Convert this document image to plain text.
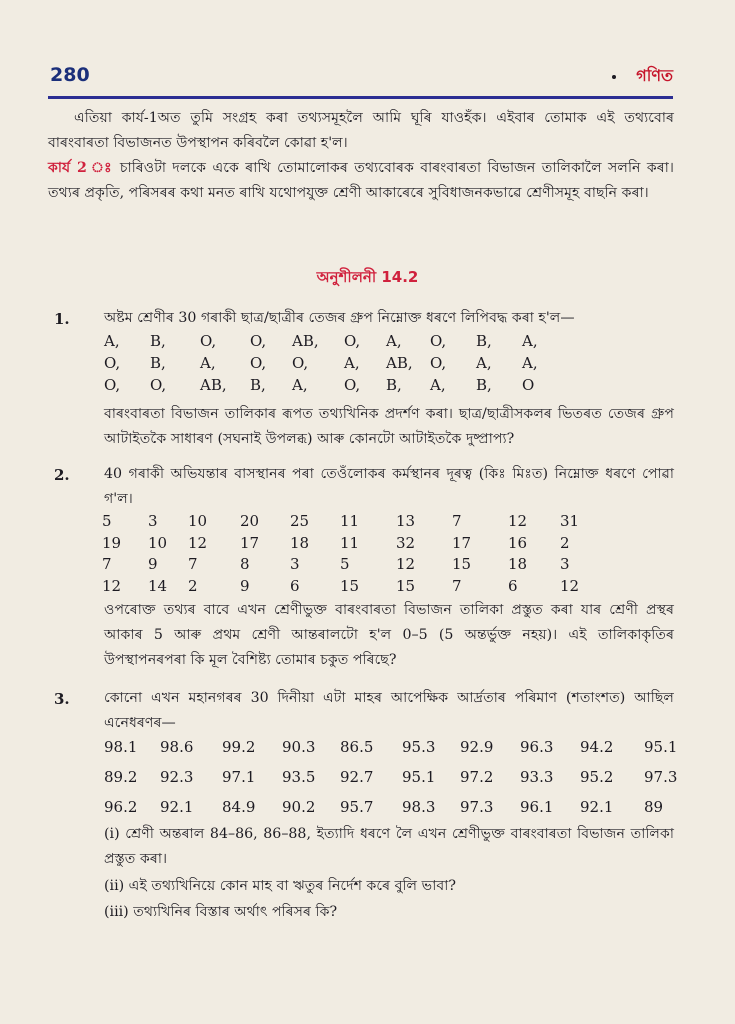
280	গণিত
এতিয়া কাৰ্য-1অত তুমি সংগ্ৰহ কৰা তথ্যসমূহলৈ আমি ঘূৰি যাওহঁক। এইবাৰ তোমাক এই তথ্যবোৰ বাৰংবাৰতা বিভাজনত উপস্থাপন কৰিবলৈ কোৱা হ'ল।
কাৰ্য 2 ঃ চাৰিওটা দলকে একে ৰাখি তোমালোকৰ তথ্যবোৰক বাৰংবাৰতা বিভাজন তালিকালৈ সলনি কৰা। তথ্যৰ প্ৰকৃতি, পৰিসৰৰ কথা মনত ৰাখি যথোপযুক্ত শ্ৰেণী আকাৰেৰে সুবিধাজনকভাৱে শ্ৰেণীসমূহ বাছনি কৰা।
অনুশীলনী 14.2
1. অষ্টম শ্ৰেণীৰ 30 গৰাকী ছাত্ৰ/ছাত্ৰীৰ তেজৰ গ্ৰুপ নিম্নোক্ত ধৰণে লিপিবদ্ধ কৰা হ'ল—
A, B, O, O, AB, O, A, O, B, A,
O, B, A, O, O, A, AB, O, A, A,
O, O, AB, B, A, O, B, A, B, O
বাৰংবাৰতা বিভাজন তালিকাৰ ৰূপত তথ্যখিনিক প্ৰদৰ্শণ কৰা। ছাত্ৰ/ছাত্ৰীসকলৰ ভিতৰত তেজৰ গ্ৰুপ আটাইতকৈ সাধাৰণ (সঘনাই উপলব্ধ) আৰু কোনটো আটাইতকৈ দুষ্প্ৰাপ্য?
2. 40 গৰাকী অভিযন্তাৰ বাসস্থানৰ পৰা তেওঁলোকৰ কৰ্মস্থানৰ দূৰত্ব (কিঃ মিঃত) নিম্নোক্ত ধৰণে পোৱা গ'ল।
5 3 10 20 25 11 13 7	12 31
19 10 12 17 18 11 32 17 16 2
7 9 7	8	3	5	12 15 18 3
12 14 2	9	6	15 15 7	6	12
ওপৰোক্ত তথ্যৰ বাবে এখন শ্ৰেণীভুক্ত বাৰংবাৰতা বিভাজন তালিকা প্ৰস্তুত কৰা যাৰ শ্ৰেণী প্ৰস্থৰ আকাৰ 5 আৰু প্ৰথম শ্ৰেণী আন্তৰালটো হ'ল 0–5 (5 অন্তৰ্ভুক্ত নহয়)। এই তালিকাকৃতিৰ উপস্থাপনৰপৰা কি মূল বৈশিষ্ট্য তোমাৰ চকুত পৰিছে?
3. কোনো এখন মহানগৰৰ 30 দিনীয়া এটা মাহৰ আপেক্ষিক আৰ্দ্ৰতাৰ পৰিমাণ (শতাংশত) আছিল এনেধৰণৰ—
98.1 98.6 99.2 90.3 86.5 95.3 92.9 96.3 94.2 95.1
89.2 92.3 97.1 93.5 92.7 95.1 97.2 93.3 95.2 97.3
96.2 92.1 84.9 90.2 95.7 98.3 97.3 96.1 92.1 89
(i) শ্ৰেণী অন্তৰাল 84–86, 86–88, ইত্যাদি ধৰণে লৈ এখন শ্ৰেণীভুক্ত বাৰংবাৰতা বিভাজন তালিকা প্ৰস্তুত কৰা।
(ii) এই তথ্যখিনিয়ে কোন মাহ বা ঋতুৰ নিৰ্দেশ কৰে বুলি ভাবা?
(iii) তথ্যখিনিৰ বিস্তাৰ অৰ্থাৎ পৰিসৰ কি?
